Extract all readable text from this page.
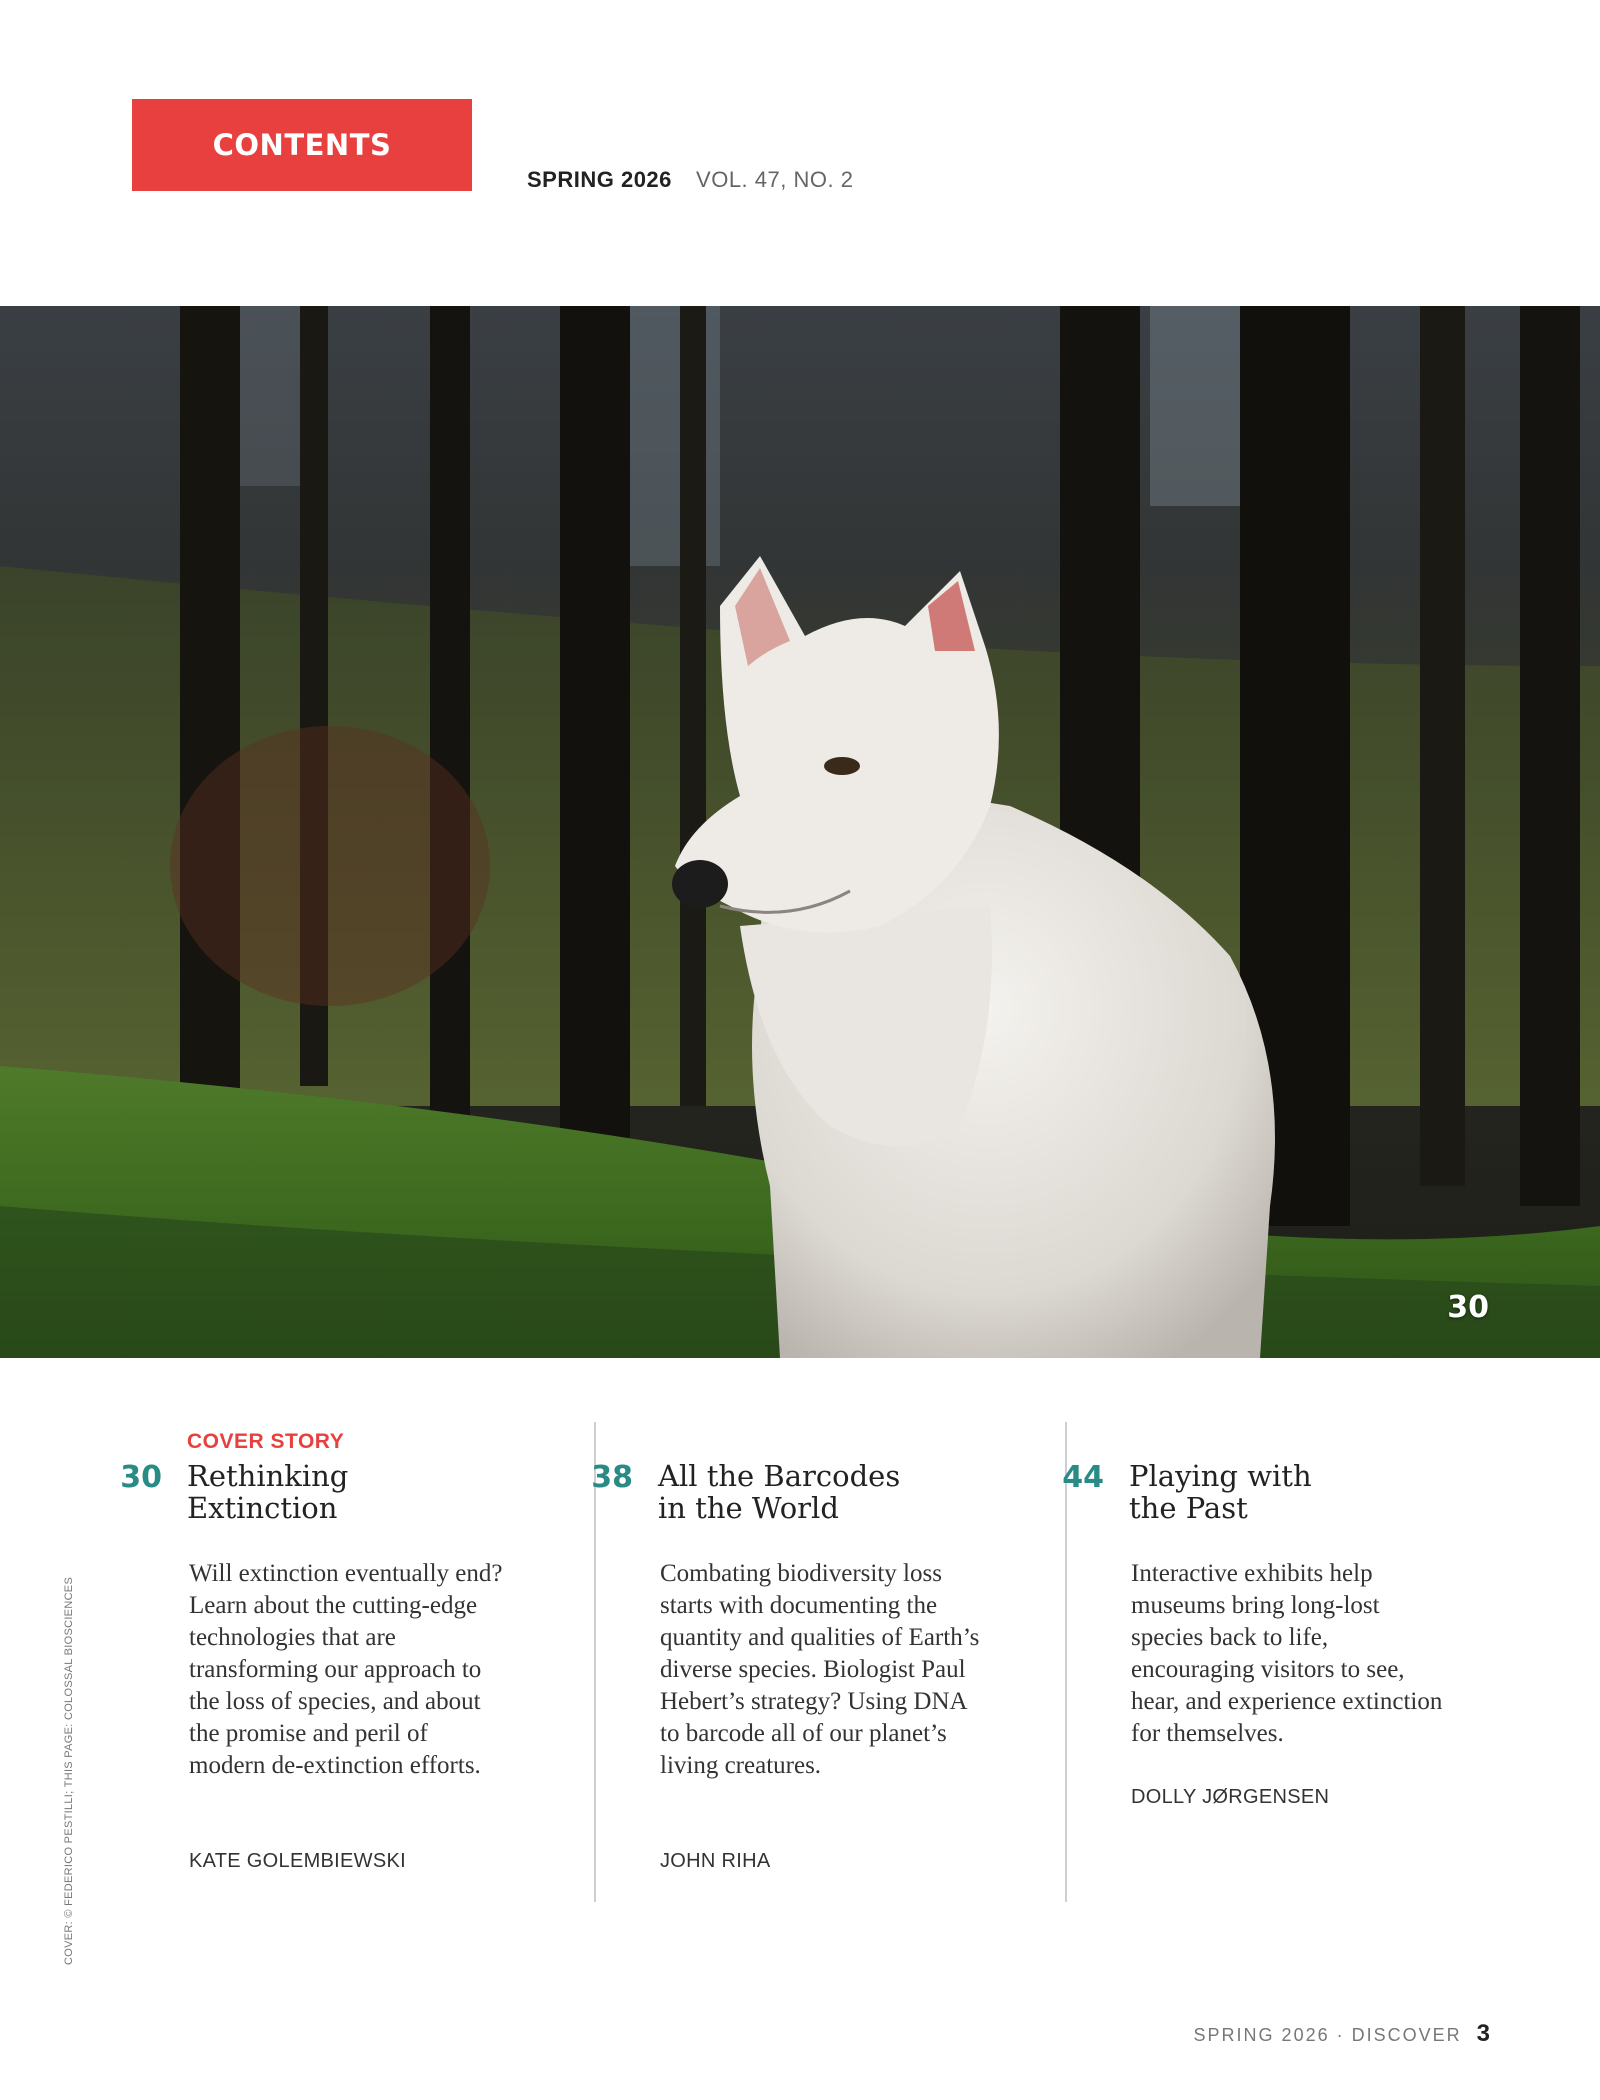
CONTENTS
SPRING 2026 VOL. 47, NO. 2
30
COVER STORY
30 Rethinking
Extinction
Will extinction eventually end? Learn about the cutting-edge technologies that are transforming our approach to the loss of species, and about the promise and peril of modern de-extinction efforts.
KATE GOLEMBIEWSKI
38 All the Barcodes
in the World
Combating biodiversity loss starts with documenting the quantity and qualities of Earth’s diverse species. Biologist Paul Hebert’s strategy? Using DNA to barcode all of our planet’s living creatures.
JOHN RIHA
44 Playing with
the Past
Interactive exhibits help museums bring long-lost species back to life, encouraging visitors to see, hear, and experience extinction for themselves.
DOLLY JØRGENSEN
COVER: © FEDERICO PESTILLI; THIS PAGE: COLOSSAL BIOSCIENCES
SPRING 2026 · DISCOVER 3
